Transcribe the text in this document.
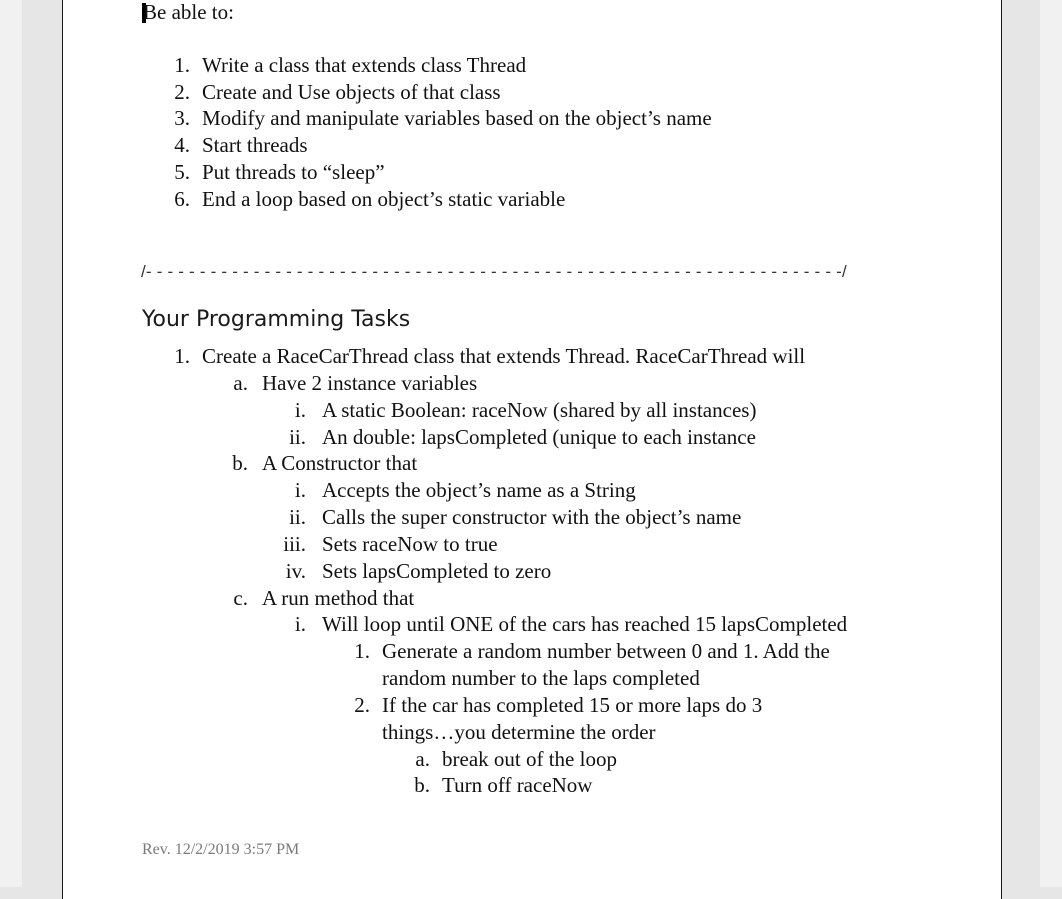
Be able to:
1. Write a class that extends class Thread
2. Create and Use objects of that class
3. Modify and manipulate variables based on the object’s name
4. Start threads
5. Put threads to “sleep”
6. End a loop based on object’s static variable
/- - - - - - - - - - - - - - - - - - - - - - - - - - - - - - - - - - - - - - - - - - - - - - - - - - - - - - - - - - - - - - - - -/
Your Programming Tasks
1. Create a RaceCarThread class that extends Thread. RaceCarThread will
a. Have 2 instance variables
i. A static Boolean: raceNow (shared by all instances)
ii. An double: lapsCompleted (unique to each instance
b. A Constructor that
i. Accepts the object’s name as a String
ii. Calls the super constructor with the object’s name
iii. Sets raceNow to true
iv. Sets lapsCompleted to zero
c. A run method that
i. Will loop until ONE of the cars has reached 15 lapsCompleted
1. Generate a random number between 0 and 1. Add the
random number to the laps completed
2. If the car has completed 15 or more laps do 3
things…you determine the order
a. break out of the loop
b. Turn off raceNow
Rev. 12/2/2019 3:57 PM
